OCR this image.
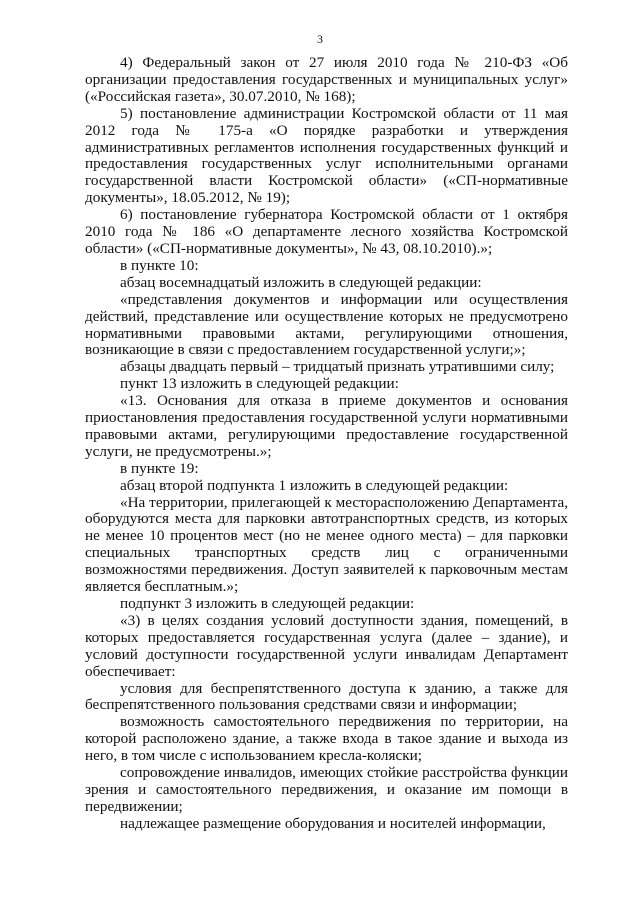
3

4) Федеральный закон от 27 июля 2010 года № 210-ФЗ «Об организации предоставления государственных и муниципальных услуг» («Российская газета», 30.07.2010, № 168);

5) постановление администрации Костромской области от 11 мая 2012 года № 175-а «О порядке разработки и утверждения административных регламентов исполнения государственных функций и предоставления государственных услуг исполнительными органами государственной власти Костромской области» («СП-нормативные документы», 18.05.2012, № 19);

6) постановление губернатора Костромской области от 1 октября 2010 года № 186 «О департаменте лесного хозяйства Костромской области» («СП-нормативные документы», № 43, 08.10.2010).»;

в пункте 10:

абзац восемнадцатый изложить в следующей редакции:

«представления документов и информации или осуществления действий, представление или осуществление которых не предусмотрено нормативными правовыми актами, регулирующими отношения, возникающие в связи с предоставлением государственной услуги;»;

абзацы двадцать первый – тридцатый признать утратившими силу;

пункт 13 изложить в следующей редакции:

«13. Основания для отказа в приеме документов и основания приостановления предоставления государственной услуги нормативными правовыми актами, регулирующими предоставление государственной услуги, не предусмотрены.»;

в пункте 19:

абзац второй подпункта 1 изложить в следующей редакции:

«На территории, прилегающей к месторасположению Департамента, оборудуются места для парковки автотранспортных средств, из которых не менее 10 процентов мест (но не менее одного места) – для парковки специальных транспортных средств лиц с ограниченными возможностями передвижения. Доступ заявителей к парковочным местам является бесплатным.»;

подпункт 3 изложить в следующей редакции:

«3) в целях создания условий доступности здания, помещений, в которых предоставляется государственная услуга (далее – здание), и условий доступности государственной услуги инвалидам Департамент обеспечивает:

условия для беспрепятственного доступа к зданию, а также для беспрепятственного пользования средствами связи и информации;

возможность самостоятельного передвижения по территории, на которой расположено здание, а также входа в такое здание и выхода из него, в том числе с использованием кресла-коляски;

сопровождение инвалидов, имеющих стойкие расстройства функции зрения и самостоятельного передвижения, и оказание им помощи в передвижении;

надлежащее размещение оборудования и носителей информации,
